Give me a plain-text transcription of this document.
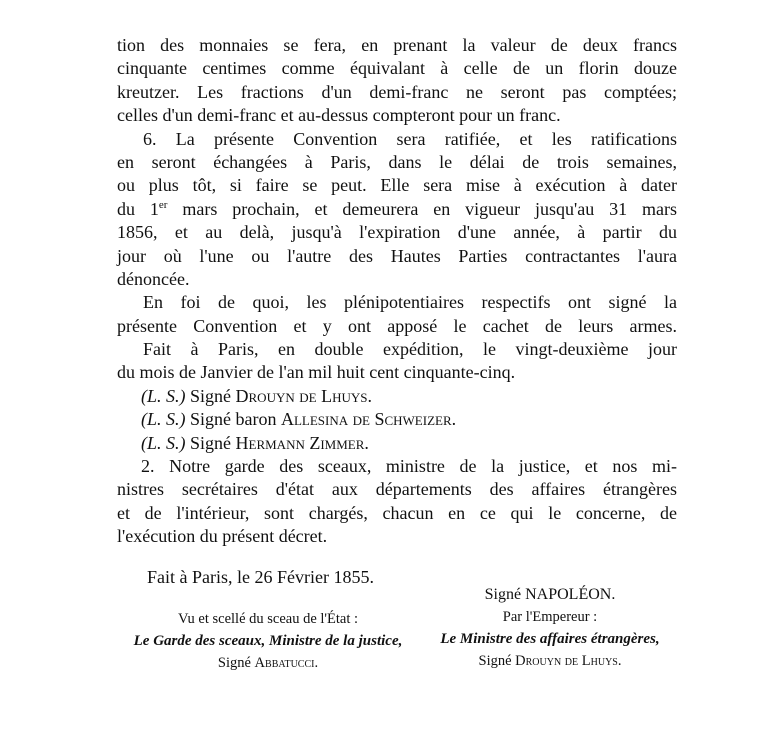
tion des monnaies se fera, en prenant la valeur de deux francs
cinquante centimes comme équivalant à celle de un florin douze
kreutzer. Les fractions d'un demi-franc ne seront pas comptées;
celles d'un demi-franc et au-dessus compteront pour un franc.
6. La présente Convention sera ratifiée, et les ratifications
en seront échangées à Paris, dans le délai de trois semaines,
ou plus tôt, si faire se peut. Elle sera mise à exécution à dater
du 1er mars prochain, et demeurera en vigueur jusqu'au 31 mars
1856, et au delà, jusqu'à l'expiration d'une année, à partir du
jour où l'une ou l'autre des Hautes Parties contractantes l'aura
dénoncée.
En foi de quoi, les plénipotentiaires respectifs ont signé la
présente Convention et y ont apposé le cachet de leurs armes.
Fait à Paris, en double expédition, le vingt-deuxième jour
du mois de Janvier de l'an mil huit cent cinquante-cinq.
(L. S.) Signé Drouyn de Lhuys.
(L. S.) Signé baron Allesina de Schweizer.
(L. S.) Signé Hermann Zimmer.
2. Notre garde des sceaux, ministre de la justice, et nos mi-
nistres secrétaires d'état aux départements des affaires étrangères
et de l'intérieur, sont chargés, chacun en ce qui le concerne, de
l'exécution du présent décret.
Fait à Paris, le 26 Février 1855.
Vu et scellé du sceau de l'État :
Le Garde des sceaux, Ministre de la justice,
Signé Abbatucci.
Signé NAPOLÉON.
Par l'Empereur :
Le Ministre des affaires étrangères,
Signé Drouyn de Lhuys.
